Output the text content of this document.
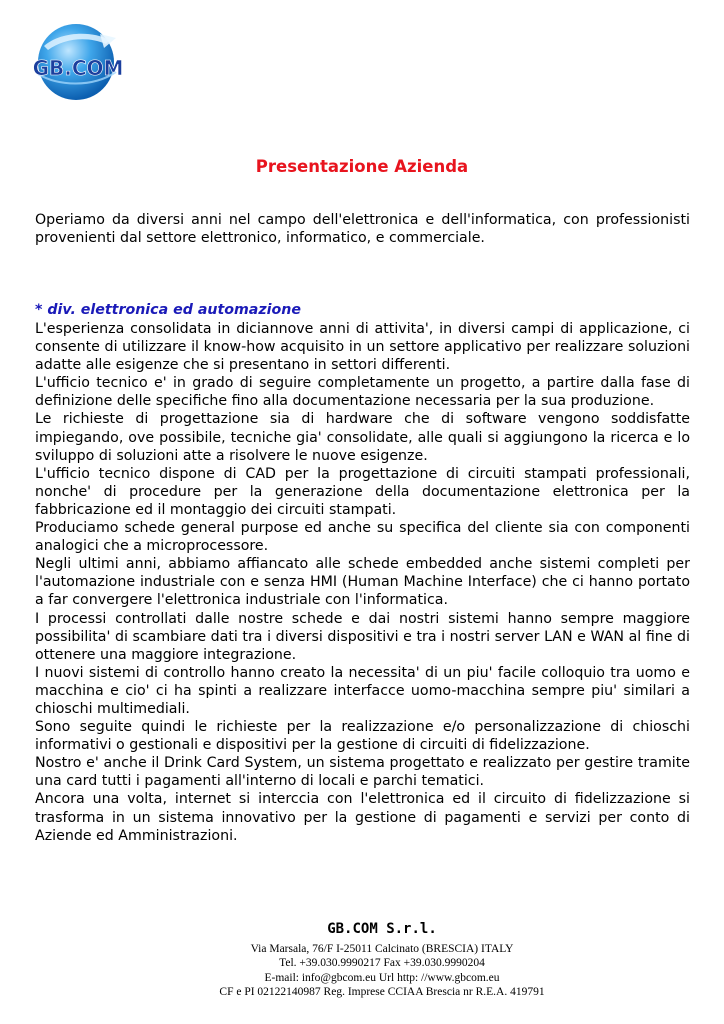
GB.COM
Presentazione Azienda
Operiamo da diversi anni nel campo dell'elettronica e dell'informatica, con professionisti provenienti dal settore elettronico, informatico, e commerciale.
* div. elettronica ed automazione

L'esperienza consolidata in diciannove anni di attivita', in diversi campi di applicazione, ci consente di utilizzare il know-how acquisito in un settore applicativo per realizzare soluzioni adatte alle esigenze che si presentano in settori differenti.

L'ufficio tecnico e' in grado di seguire completamente un progetto, a partire dalla fase di definizione delle specifiche fino alla documentazione necessaria per la sua produzione.

Le richieste di progettazione sia di hardware che di software vengono soddisfatte impiegando, ove possibile, tecniche gia' consolidate, alle quali si aggiungono la ricerca e lo sviluppo di soluzioni atte a risolvere le nuove esigenze.

L'ufficio tecnico dispone di CAD per la progettazione di circuiti stampati professionali, nonche' di procedure per la generazione della documentazione elettronica per la fabbricazione ed il montaggio dei circuiti stampati.

Produciamo schede general purpose ed anche su specifica del cliente sia con componenti analogici che a microprocessore.

Negli ultimi anni, abbiamo affiancato alle schede embedded anche sistemi completi per l'automazione industriale con e senza HMI (Human Machine Interface) che ci hanno portato a far convergere l'elettronica industriale con l'informatica.

I processi controllati dalle nostre schede e dai nostri sistemi hanno sempre maggiore possibilita' di scambiare dati tra i diversi dispositivi e tra i nostri server LAN e WAN al fine di ottenere una maggiore integrazione.

I nuovi sistemi di controllo hanno creato la necessita' di un piu' facile colloquio tra uomo e macchina e cio' ci ha spinti a realizzare interfacce uomo-macchina sempre piu' similari a chioschi multimediali.

Sono seguite quindi le richieste per la realizzazione e/o personalizzazione di chioschi informativi o gestionali e dispositivi per la gestione di circuiti di fidelizzazione.

Nostro e' anche il Drink Card System, un sistema progettato e realizzato per gestire tramite una card tutti i pagamenti all'interno di locali e parchi tematici.

Ancora una volta, internet si interccia con l'elettronica ed il circuito di fidelizzazione si trasforma in un sistema innovativo per la gestione di pagamenti e servizi per conto di Aziende ed Amministrazioni.

GB.COM S.r.l.
Via Marsala, 76/F I-25011 Calcinato (BRESCIA) ITALY
Tel. +39.030.9990217 Fax +39.030.9990204
E-mail: info@gbcom.eu Url http: //www.gbcom.eu
CF e PI 02122140987 Reg. Imprese CCIAA Brescia nr R.E.A. 419791
